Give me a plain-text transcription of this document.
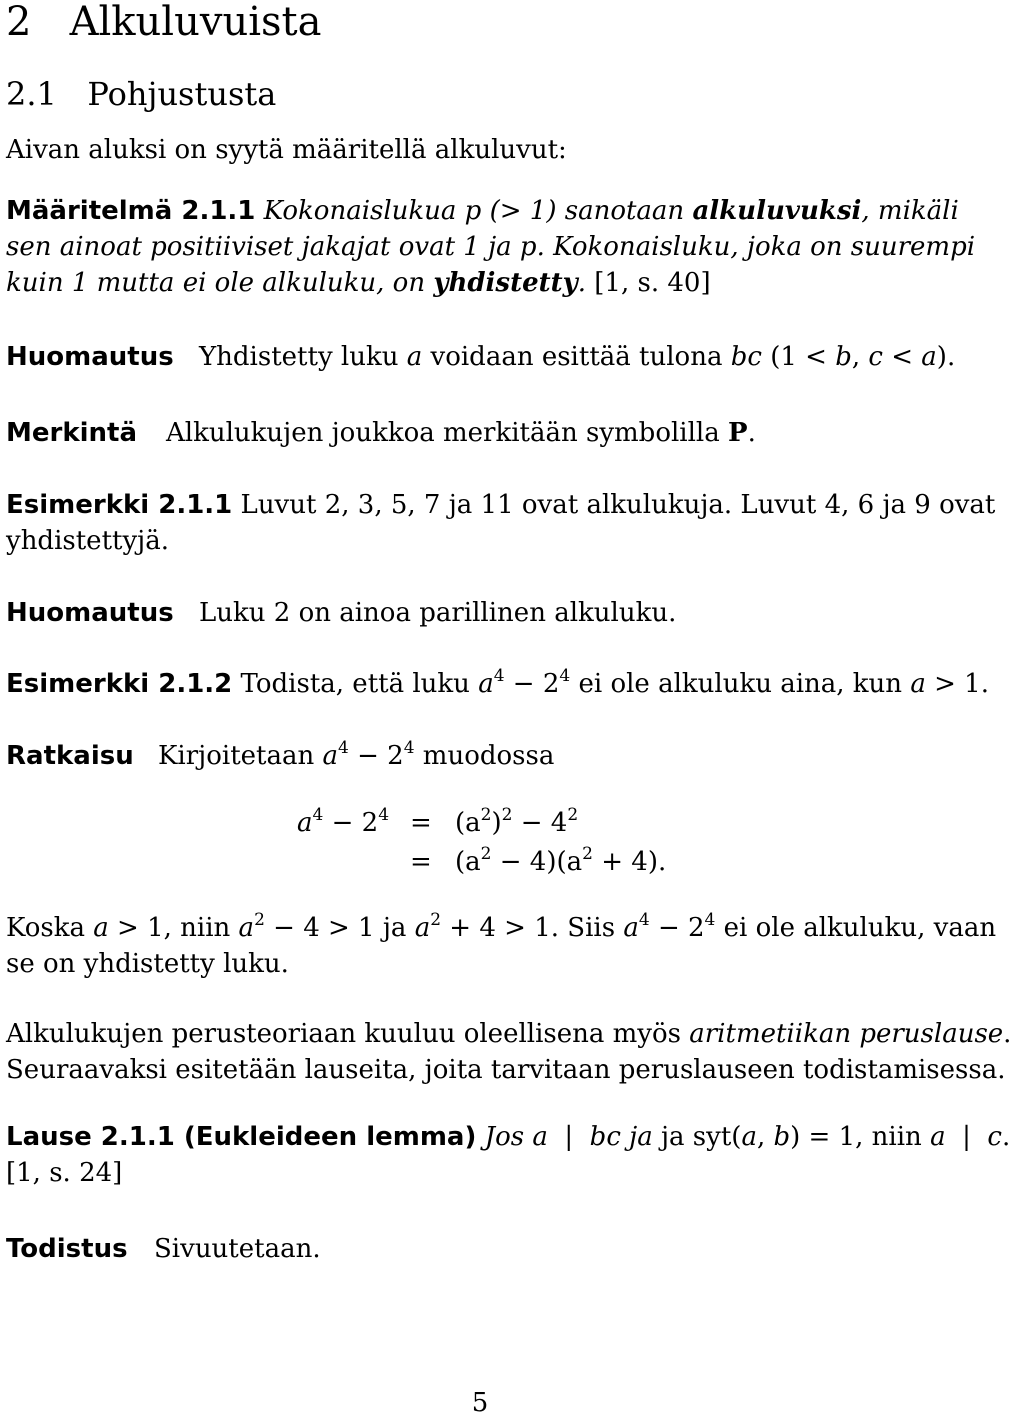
2 Alkuluvuista
2.1 Pohjustusta
Aivan aluksi on syytä määritellä alkuluvut:
Määritelmä 2.1.1 Kokonaislukua p (> 1) sanotaan alkuluvuksi, mikäli
sen ainoat positiiviset jakajat ovat 1 ja p. Kokonaisluku, joka on suurempi
kuin 1 mutta ei ole alkuluku, on yhdistetty. [1, s. 40]
Huomautus Yhdistetty luku a voidaan esittää tulona bc (1 < b, c < a).
Merkintä Alkulukujen joukkoa merkitään symbolilla P.
Esimerkki 2.1.1 Luvut 2, 3, 5, 7 ja 11 ovat alkulukuja. Luvut 4, 6 ja 9 ovat
yhdistettyjä.
Huomautus Luku 2 on ainoa parillinen alkuluku.
Esimerkki 2.1.2 Todista, että luku $a^4 - 2^4$ ei ole alkuluku aina, kun a > 1.
Ratkaisu Kirjoitetaan $a^4 - 2^4$ muodossa
$a^4 - 2^4 = (a^2)^2 - 4^2$
= $(a^2 - 4)(a^2 + 4)$.
Koska a > 1, niin $a^2 - 4 > 1$ ja $a^2 + 4 > 1$. Siis $a^4 - 2^4$ ei ole alkuluku, vaan
se on yhdistetty luku.
Alkulukujen perusteoriaan kuuluu oleellisena myös aritmetiikan peruslause.
Seuraavaksi esitetään lauseita, joita tarvitaan peruslauseen todistamisessa.
Lause 2.1.1 (Eukleideen lemma) Jos a  |  bc ja ja syt(a, b) = 1, niin a  |  c.
[1, s. 24]
Todistus Sivuutetaan.
5
